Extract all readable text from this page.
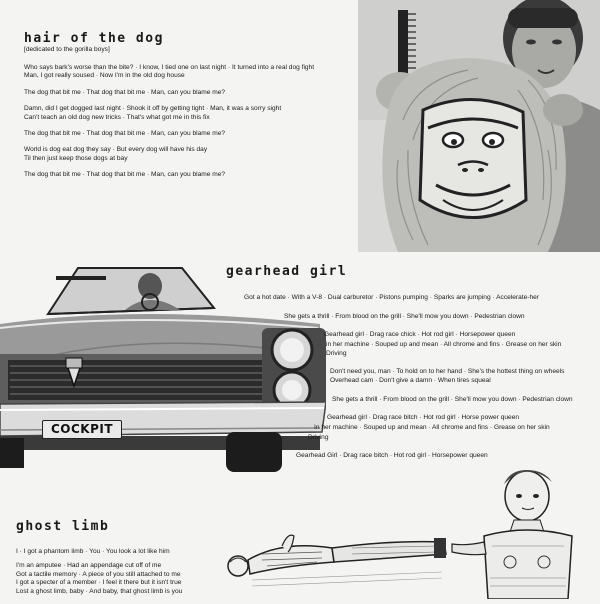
hair of the dog
[dedicated to the gorilla boys]

Who says bark's worse than the bite? · I know, I tied one on last night · It turned into a real dog fight

Man, I got really soused · Now I'm in the old dog house

The dog that bit me · That dog that bit me · Man, can you blame me?

Damn, did I get dogged last night · Shook it off by getting tight · Man, it was a sorry sight

Can't teach an old dog new tricks · That's what got me in this fix

The dog that bit me · That dog that bit me · Man, can you blame me?

World is dog eat dog they say · But every dog will have his day

Til then just keep those dogs at bay

The dog that bit me · That dog that bit me · Man, can you blame me?

gearhead girl
COCKPIT
Got a hot date · With a V-8 · Dual carburetor · Pistons pumping · Sparks are jumping · Accelerate-her
She gets a thrill · From blood on the grill · She'll mow you down · Pedestrian clown
Gearhead girl · Drag race chick · Hot rod girl · Horsepower queen
in her machine · Souped up and mean · All chrome and fins · Grease on her skin
Driving
Don't need you, man · To hold on to her hand · She's the hottest thing on wheels
Overhead cam · Don't give a damn · When tires squeal
She gets a thrill · From blood on the grill · She'll mow you down · Pedestrian clown
Gearhead girl · Drag race bitch · Hot rod girl · Horse power queen
In her machine · Souped up and mean · All chrome and fins · Grease on her skin
Driving
Gearhead Girl · Drag race bitch · Hot rod girl · Horsepower queen
ghost limb

I · I got a phantom limb · You · You look a lot like him

I'm an amputee · Had an appendage cut off of me

Got a tactile memory · A piece of you still attached to me

I got a specter of a member · I feel it there but it isn't true

Lost a ghost limb, baby · And baby, that ghost limb is you
